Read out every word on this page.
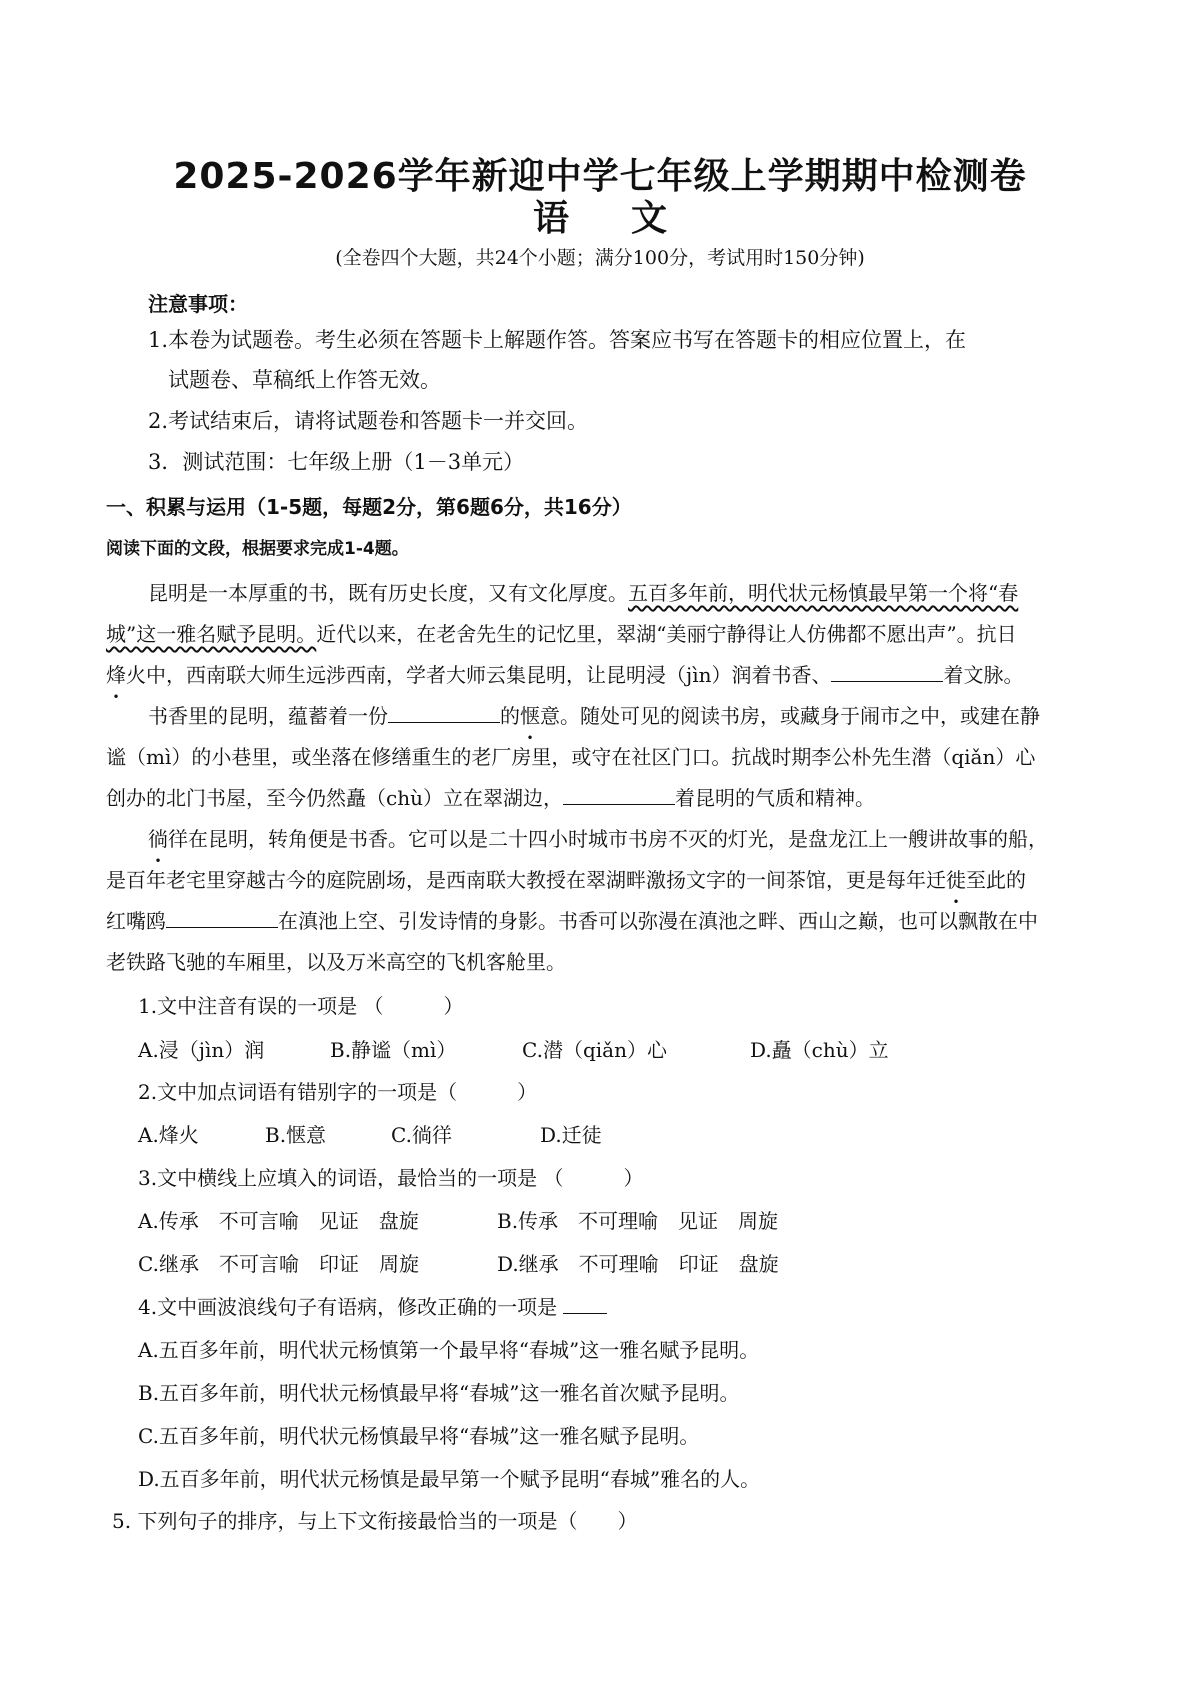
2025-2026学年新迎中学七年级上学期期中检测卷
语文
(全卷四个大题，共24个小题；满分100分，考试用时150分钟)
注意事项：
1.本卷为试题卷。考生必须在答题卡上解题作答。答案应书写在答题卡的相应位置上，在
试题卷、草稿纸上作答无效。
2.考试结束后，请将试题卷和答题卡一并交回。
3．测试范围：七年级上册（1－3单元）
一、积累与运用（1-5题，每题2分，第6题6分，共16分）
阅读下面的文段，根据要求完成1-4题。
昆明是一本厚重的书，既有历史长度，又有文化厚度。五百多年前，明代状元杨慎最早第一个将“春
城”这一雅名赋予昆明。近代以来，在老舍先生的记忆里，翠湖“美丽宁静得让人仿佛都不愿出声”。抗日
烽火中，西南联大师生远涉西南，学者大师云集昆明，让昆明浸（jìn）润着书香、	着文脉。
书香里的昆明，蕴蓄着一份	的惬意。随处可见的阅读书房，或藏身于闹市之中，或建在静
谧（mì）的小巷里，或坐落在修缮重生的老厂房里，或守在社区门口。抗战时期李公朴先生潜（qiǎn）心
创办的北门书屋，至今仍然矗（chù）立在翠湖边，	着昆明的气质和精神。
徜徉在昆明，转角便是书香。它可以是二十四小时城市书房不灭的灯光，是盘龙江上一艘讲故事的船，
是百年老宅里穿越古今的庭院剧场，是西南联大教授在翠湖畔激扬文字的一间茶馆，更是每年迁徙至此的
红嘴鸥	在滇池上空、引发诗情的身影。书香可以弥漫在滇池之畔、西山之巅，也可以飘散在中
老铁路飞驰的车厢里，以及万米高空的飞机客舱里。
1.文中注音有误的一项是 （　　　）
A.浸（jìn）润	B.静谧（mì）	C.潜（qiǎn）心	D.矗（chù）立
2.文中加点词语有错别字的一项是（　　　）
A.烽火	B.惬意	C.徜徉	D.迁徒
3.文中横线上应填入的词语，最恰当的一项是 （　　　）
A.传承　不可言喻　见证　盘旋	B.传承　不可理喻　见证　周旋
C.继承　不可言喻　印证　周旋	D.继承　不可理喻　印证　盘旋
4.文中画波浪线句子有语病，修改正确的一项是
A.五百多年前，明代状元杨慎第一个最早将“春城”这一雅名赋予昆明。
B.五百多年前，明代状元杨慎最早将“春城”这一雅名首次赋予昆明。
C.五百多年前，明代状元杨慎最早将“春城”这一雅名赋予昆明。
D.五百多年前，明代状元杨慎是最早第一个赋予昆明“春城”雅名的人。
5. 下列句子的排序，与上下文衔接最恰当的一项是（　　）
